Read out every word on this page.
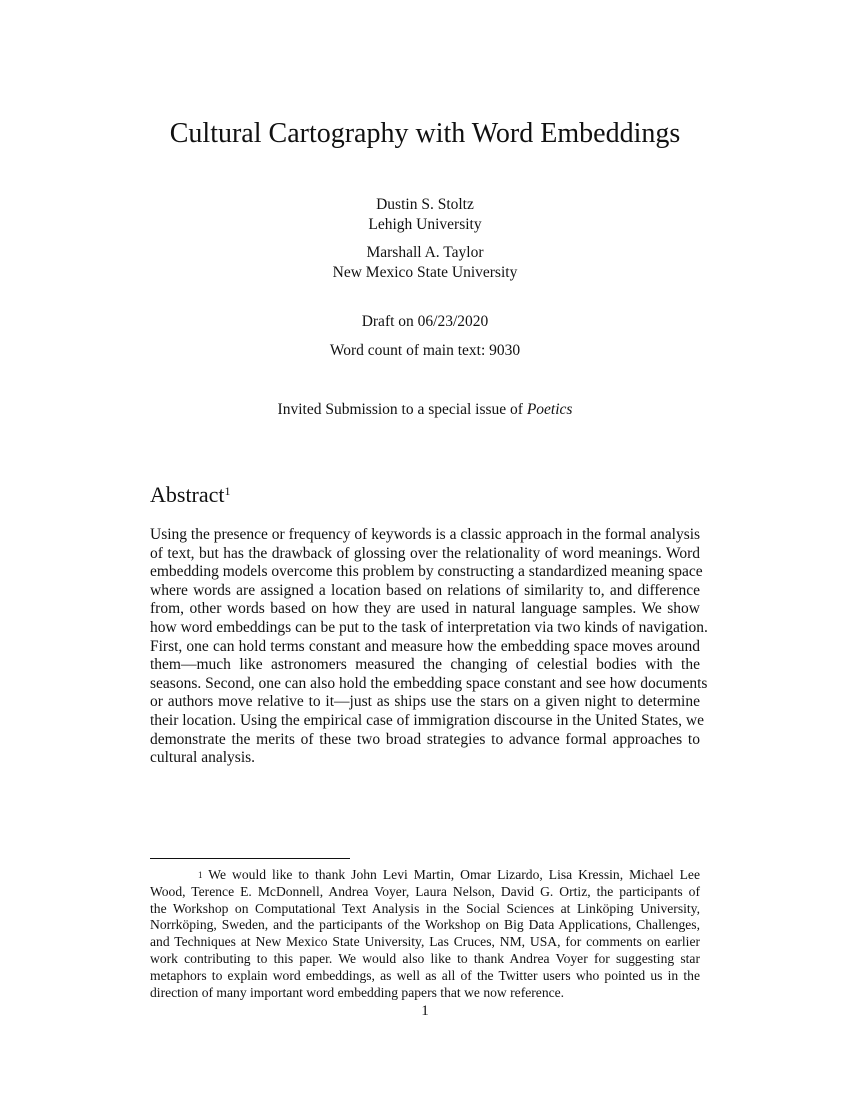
Cultural Cartography with Word Embeddings
Dustin S. Stoltz
Lehigh University
Marshall A. Taylor
New Mexico State University
Draft on 06/23/2020
Word count of main text: 9030
Invited Submission to a special issue of Poetics
Abstract$^1$
Using the presence or frequency of keywords is a classic approach in the formal analysis
of text, but has the drawback of glossing over the relationality of word meanings. Word
embedding models overcome this problem by constructing a standardized meaning space
where words are assigned a location based on relations of similarity to, and difference
from, other words based on how they are used in natural language samples. We show
how word embeddings can be put to the task of interpretation via two kinds of navigation.
First, one can hold terms constant and measure how the embedding space moves around
them—much like astronomers measured the changing of celestial bodies with the
seasons. Second, one can also hold the embedding space constant and see how documents
or authors move relative to it—just as ships use the stars on a given night to determine
their location. Using the empirical case of immigration discourse in the United States, we
demonstrate the merits of these two broad strategies to advance formal approaches to
cultural analysis.
$^1$ We would like to thank John Levi Martin, Omar Lizardo, Lisa Kressin, Michael Lee
Wood, Terence E. McDonnell, Andrea Voyer, Laura Nelson, David G. Ortiz, the participants of
the Workshop on Computational Text Analysis in the Social Sciences at Linköping University,
Norrköping, Sweden, and the participants of the Workshop on Big Data Applications, Challenges,
and Techniques at New Mexico State University, Las Cruces, NM, USA, for comments on earlier
work contributing to this paper. We would also like to thank Andrea Voyer for suggesting star
metaphors to explain word embeddings, as well as all of the Twitter users who pointed us in the
direction of many important word embedding papers that we now reference.
1
